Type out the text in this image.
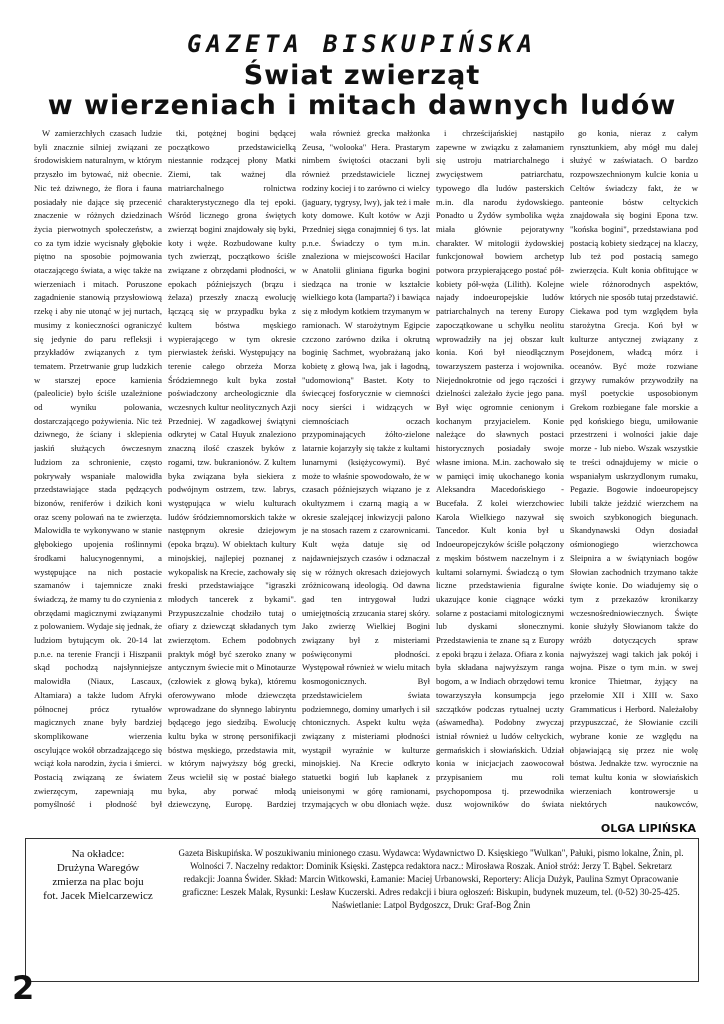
GAZETA BISKUPIŃSKA
Świat zwierząt
w wierzeniach i mitach dawnych ludów

W zamierzchłych czasach ludzie byli znacznie silniej związani ze środowiskiem naturalnym, w którym przyszło im bytować, niż obecnie. Nic też dziwnego, że flora i fauna posiadały nie dające się przecenić znaczenie w różnych dziedzinach życia pierwotnych społeczeństw, a co za tym idzie wycisnały głębokie piętno na sposobie pojmowania otaczającego świata, a więc także na wierzeniach i mitach. Poruszone zagadnienie stanowią przysłowiową rzekę i aby nie utonąć w jej nurtach, musimy z konieczności ograniczyć się jedynie do paru refleksji i przykładów związanych z tym tematem. Przetrwanie grup ludzkich w starszej epoce kamienia (paleolicie) było ściśle uzależnione od wyniku polowania, dostarczającego pożywienia. Nic też dziwnego, że ściany i sklepienia jaskiń służących ówczesnym ludziom za schronienie, często pokrywały wspaniałe malowidła przedstawiające stada pędzących bizonów, reniferów i dzikich koni oraz sceny polowań na te zwierzęta. Malowidła te wykonywano w stanie głębokiego upojenia roślinnymi środkami halucynogennymi, a występujące na nich postacie szamanów i tajemnicze znaki świadczą, że mamy tu do czynienia z obrzędami magicznymi związanymi z polowaniem. Wydaje się jednak, że ludziom bytującym ok. 20-14 lat p.n.e. na terenie Francji i Hiszpanii skąd pochodzą najsłynniejsze malowidła (Niaux, Lascaux, Altamiara) a także ludom Afryki północnej prócz rytuałów magicznych znane były bardziej skomplikowane wierzenia oscylujące wokół obrzadzającego się wciąż koła narodzin, życia i śmierci. Postacią związaną ze światem zwierzęcym, zapewniają mu pomyślność i płodność był

tki, potężnej bogini będącej początkowo przedstawicielką niestannie rodzącej płony Matki Ziemi, tak ważnej dla matriarchalnego rolnictwa charakterystycznego dla tej epoki. Wśród licznego grona świętych zwierząt bogini znajdowały się byki, koty i węże. Rozbudowane kulty tych zwierząt, początkowo ściśle związane z obrzędami płodności, w epokach późniejszych (brązu i żelaza) przeszły znaczą ewolucję łączącą się w przypadku byka z kultem bóstwa męskiego wypierającego w tym okresie pierwiastek żeński. Występujący na terenie całego obrzeża Morza Śródziemnego kult byka został poświadczony archeologicznie dla wczesnych kultur neolitycznych Azji Przedniej. W zagadkowej świątyni odkrytej w Catal Huyuk znaleziono znaczną ilość czaszek byków z rogami, tzw. bukranionów. Z kultem byka związana była siekiera z podwójnym ostrzem, tzw. labrys, występująca w wielu kulturach ludów śródziemnomorskich także w następnym okresie dziejowym (epoka brązu). W obiektach kultury minojskiej, najlepiej poznanej z wykopalisk na Krecie, zachowały się freski przedstawiające "igraszki młodych tancerek z bykami". Przypuszczalnie chodziło tutaj o ofiary z dziewcząt składanych tym zwierzętom. Echem podobnych praktyk mógł być szeroko znany w antycznym świecie mit o Minotaurze (człowiek z głową byka), któremu oferowywano młode dziewczęta wprowadzane do słynnego labiryntu będącego jego siedzibą. Ewolucję kultu byka w stronę personifikacji bóstwa męskiego, przedstawia mit, w którym najwyższy bóg grecki, Zeus wcielił się w postać białego byka, aby porwać młodą dziewczynę, Europę. Bardziej

wała również grecka małżonka Zeusa, "wolooka" Hera. Prastarym nimbem świętości otaczani byli również przedstawiciele licznej rodziny kociej i to zarówno ci wielcy (jaguary, tygrysy, lwy), jak też i małe koty domowe. Kult kotów w Azji Przedniej sięga conajmniej 6 tys. lat p.n.e. Świadczy o tym m.in. znaleziona w miejscowości Hacilar w Anatolii gliniana figurka bogini siedząca na tronie w kształcie wielkiego kota (lamparta?) i bawiąca się z młodym kotkiem trzymanym w ramionach. W starożytnym Egipcie czczono zarówno dzika i okrutną boginię Sachmet, wyobrażaną jako kobietę z głową lwa, jak i łagodną, "udomowioną" Bastet. Koty to świecącej fosforycznie w ciemności nocy sierści i widzących w ciemnościach oczach przypominających żółto-zielone latarnie kojarzyły się także z kultami lunarnymi (księżycowymi). Być może to właśnie spowodowało, że w czasach późniejszych wiązano je z okultyzmem i czarną magią a w okresie szalejącej inkwizycji palono je na stosach razem z czarownicami. Kult węża datuje się od najdawniejszych czasów i odznaczał się w różnych okresach dziejowych zróżnicowaną ideologią. Od dawna gad ten intrygował ludzi umiejętnością zrzucania starej skóry. Jako zwierzę Wielkiej Bogini związany był z misteriami poświęconymi płodności. Występował również w wielu mitach kosmogonicznych. Był przedstawicielem świata podziemnego, dominy umarłych i sił chtonicznych. Aspekt kultu węża związany z misteriami płodności wystąpił wyraźnie w kulturze minojskiej. Na Krecie odkryto statuetki bogiń lub kapłanek z unieisonymi w górę ramionami, trzymających w obu dłoniach węże.

i chrześcijańskiej nastąpiło zapewne w związku z załamaniem się ustroju matriarchalnego i zwycięstwem patriarchatu, typowego dla ludów pasterskich m.in. dla narodu żydowskiego. Ponadto u Żydów symbolika węża miała głównie pejoratywny charakter. W mitologii żydowskiej funkcjonował bowiem archetyp potwora przypierającego postać pół-kobiety pół-węża (Lilith). Kolejne najady indoeuropejskie ludów patriarchalnych na tereny Europy zapoczątkowane u schyłku neolitu wprowadziły na jej obszar kult konia. Koń był nieodłącznym towarzyszem pasterza i wojownika. Niejednokrotnie od jego rączości i dzielności zależało życie jego pana. Był więc ogromnie cenionym i kochanym przyjacielem. Konie należące do sławnych postaci historycznych posiadały swoje własne imiona. M.in. zachowało się w pamięci imię ukochanego konia Aleksandra Macedońskiego - Bucefała. Z kolei wierzchowiec Karola Wielkiego nazywał się Tancedor. Kult konia był u Indoeuropejczyków ściśle połączony z męskim bóstwem naczelnym i z kultami solarnymi. Świadczą o tym liczne przedstawienia figuralne ukazujące konie ciągnące wózki solarne z postaciami mitologicznymi lub dyskami słonecznymi. Przedstawienia te znane są z Europy z epoki brązu i żelaza. Ofiara z konia była składana najwyższym ranga bogom, a w Indiach obrzędowi temu towarzyszyła konsumpcja jego szczątków podczas rytualnej uczty (aśwamedha). Podobny zwyczaj istniał również u ludów celtyckich, germańskich i słowiańskich. Udział konia w inicjacjach zaowocował przypisaniem mu roli psychopomposa tj. przewodnika dusz wojowników do świata

go konia, nieraz z całym rynsztunkiem, aby mógł mu dalej służyć w zaświatach. O bardzo rozpowszechnionym kulcie konia u Celtów świadczy fakt, że w panteonie bóstw celtyckich znajdowała się bogini Epona tzw. "końska bogini", przedstawiana pod postacią kobiety siedzącej na klaczy, lub też pod postacią samego zwierzęcia. Kult konia obfitujące w wiele różnorodnych aspektów, których nie sposób tutaj przedstawić. Ciekawa pod tym względem była starożytna Grecja. Koń był w kulturze antycznej związany z Posejdonem, władcą mórz i oceanów. Być może rozwiane grzywy rumaków przywodziły na myśl poetyckie usposobionym Grekom rozbiegane fale morskie a pęd końskiego biegu, umiłowanie przestrzeni i wolności jakie daje morze - lub niebo. Wszak wszystkie te treści odnajdujemy w micie o wspaniałym uskrzydlonym rumaku, Pegazie. Bogowie indoeuropejscy lubili także jeździć wierzchem na swoich szybkonogich biegunach. Skandynawski Odyn dosiadał ośmionogiego wierzchowca Sleipnira a w świątyniach bogów Słowian zachodnich trzymano także święte konie. Do wiadujemy się o tym z przekazów kronikarzy wczesnośredniowiecznych. Święte konie służyły Słowianom także do wróżb dotyczących spraw najwyższej wagi takich jak pokój i wojna. Pisze o tym m.in. w swej kronice Thietmar, żyjący na przełomie XII i XIII w. Saxo Grammaticus i Herbord. Należałoby przypuszczać, że Słowianie czcili wybrane konie ze względu na objawiającą się przez nie wolę bóstwa. Jednakże tzw. wyrocznie na temat kultu konia w słowiańskich wierzeniach kontrowersje u niektórych naukowców,

OLGA LIPIŃSKA
Na okładce:
Drużyna Waregów
zmierza na plac boju
fot. Jacek Mielcarzewicz
Gazeta Biskupińska. W poszukiwaniu minionego czasu. Wydawca: Wydawnictwo D. Księskiego "Wulkan", Pałuki, pismo lokalne, Żnin, pl. Wolności 7. Naczelny redaktor: Dominik Księski. Zastępca redaktora nacz.: Mirosława Roszak. Anioł stróż: Jerzy T. Bąbel. Sekretarz redakcji: Joanna Świder. Skład: Marcin Witkowski, Łamanie: Maciej Urbanowski, Reportery: Alicja Dużyk, Paulina Szmyt Opracowanie graficzne: Leszek Malak, Rysunki: Lesław Kuczerski. Adres redakcji i biura ogłoszeń: Biskupin, budynek muzeum, tel. (0-52) 30-25-425. Naświetlanie: Latpol Bydgoszcz, Druk: Graf-Bog Żnin
2
